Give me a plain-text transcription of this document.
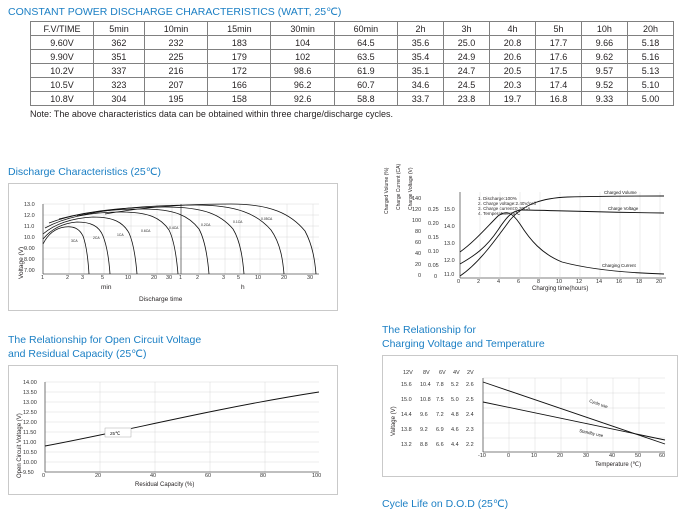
CONSTANT POWER DISCHARGE CHARACTERISTICS (WATT, 25℃)
F.V/TIME	5min	10min	15min	30min	60min	2h	3h	4h	5h	10h	20h
9.60V	362	232	183	104	64.5	35.6	25.0	20.8	17.7	9.66	5.18
9.90V	351	225	179	102	63.5	35.4	24.9	20.6	17.6	9.62	5.16
10.2V	337	216	172	98.6	61.9	35.1	24.7	20.5	17.5	9.57	5.13
10.5V	323	207	166	96.2	60.7	34.6	24.5	20.3	17.4	9.52	5.10
10.8V	304	195	158	92.6	58.8	33.7	23.8	19.7	16.8	9.33	5.00
Note: The above characteristics data can be obtained within three charge/discharge cycles.
Discharge Characteristics (25℃)
Voltage (V)
13.0
12.0
11.0
10.0
9.00
8.00
7.00
3CA
2CA
1CA
0.6CA
0.4CA
0.2CA
0.1CA
0.05CA
1	2 3	5	10	20 30 1	2	3 5	10	20	30
min	h
Discharge time
Charged Volume (%) Charge Current (CA) Charge Voltage (V)
140
120
100
80
60
40
20
0
0.25
0.20
0.15
0.10
0.05
0
15.0
14.0
13.0
12.0
11.0
1. Discharge:100%
2. Charge voltage:2.40V/cell
3. Charge current:0.20CA
4. Temperature:25℃
Charged Volume
Charge Voltage
Charging Current
0	2	4	6	8	10	12	14	16	18	20
Charging time(hours)
The Relationship for Open Circuit Voltage
and Residual Capacity (25℃)
Open Circuit Voltage (V)
14.00
13.50
13.00
12.50
12.00
11.50
11.00
10.50
10.00
9.50
25℃
0	20	40	60	80	100
Residual Capacity (%)
The Relationship for
Charging Voltage and Temperature
Valtage (V)
12V 8V 6V 4V 2V
15.6 10.4 7.8 5.2 2.6
15.0 10.8 7.5 5.0 2.5
14.4 9.6 7.2 4.8 2.4
13.8 9.2 6.9 4.6 2.3
13.2 8.8 6.6 4.4 2.2
Cycle use
Standby use
-10	0	10	20	30	40	50	60
Temperature (℃)
Cycle Life on D.O.D (25℃)
